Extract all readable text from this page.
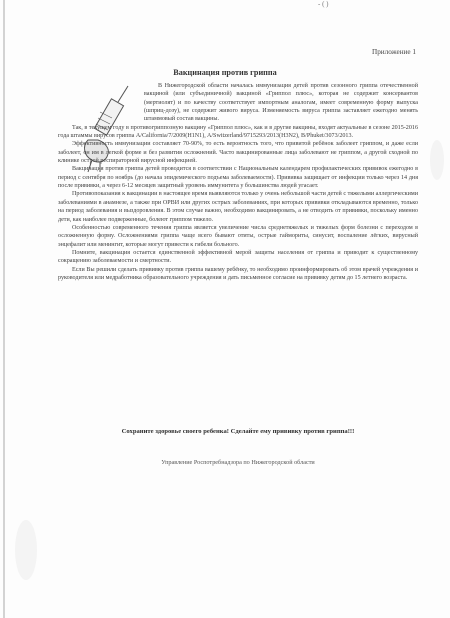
- ( )
Приложение 1
Вакцинация против гриппа

В Нижегородской области началась иммунизация детей против сезонного гриппа отечественной вакциной (или субъединичной) вакциной «Гриппол плюс», которая не содержит консервантов (мертиолят) и по качеству соответствует импортным аналогам, имеет современную форму выпуска (шприц-дозу), не содержит живого вируса. Изменяемость вируса гриппа заставляет ежегодно менять штаммовый состав вакцины.

Так, в текущем году в противогриппозную вакцину «Гриппол плюс», как и в другие вакцины, входят актуальные в сезоне 2015-2016 года штаммы вирусов гриппа A/California/7/2009(H1N1), A/Switzerland/9715293/2013(H3N2), B/Phuket/3073/2013.

Эффективность иммунизации составляет 70-90%, то есть вероятность того, что привитой ребёнок заболеет гриппом, и даже если заболеет, он им в легкой форме и без развития осложнений. Часто вакцинированные лица заболевают не гриппом, а другой сходной по клинике острой респираторной вирусной инфекцией.

Вакцинация против гриппа детей проводится в соответствии с Национальным календарем профилактических прививок ежегодно в период с сентября по ноябрь (до начала эпидемического подъема заболеваемости). Прививка защищает от инфекции только через 14 дня после прививки, а через 6-12 месяцев защитный уровень иммунитета у большинства людей угасает.

Противопоказания к вакцинации в настоящее время выявляются только у очень небольшой части детей с тяжелыми аллергическими заболеваниями в анамнезе, а также при ОРВИ или других острых заболеваниях, при которых прививки откладываются временно, только на период заболевания и выздоровления. В этом случае важно, необходимо вакцинировать, а не отводить от прививки, поскольку именно дети, как наиболее подверженные, болеют гриппом тяжело.

Особенностью современного течения гриппа является увеличение числа среднетяжелых и тяжелых форм болезни с переходом в осложненную форму. Осложнениями гриппа чаще всего бывают отиты, острые гаймориты, синусит, воспаление лёгких, вирусный энцефалит или менингит, которые могут привести к гибели больного.

Помните, вакцинация остается единственной эффективной мерой защиты населения от гриппа и приводит к существенному сокращению заболеваемости и смертности.

Если Вы решили сделать прививку против гриппа вашему ребёнку, то необходимо проинформировать об этом врачей учреждения и руководителя или медработника образовательного учреждения и дать письменное согласие на прививку детям до 15 летнего возраста.

Сохраните здоровье своего ребенка! Сделайте ему прививку против гриппа!!!
Управление Роспотребнадзора по Нижегородской области
